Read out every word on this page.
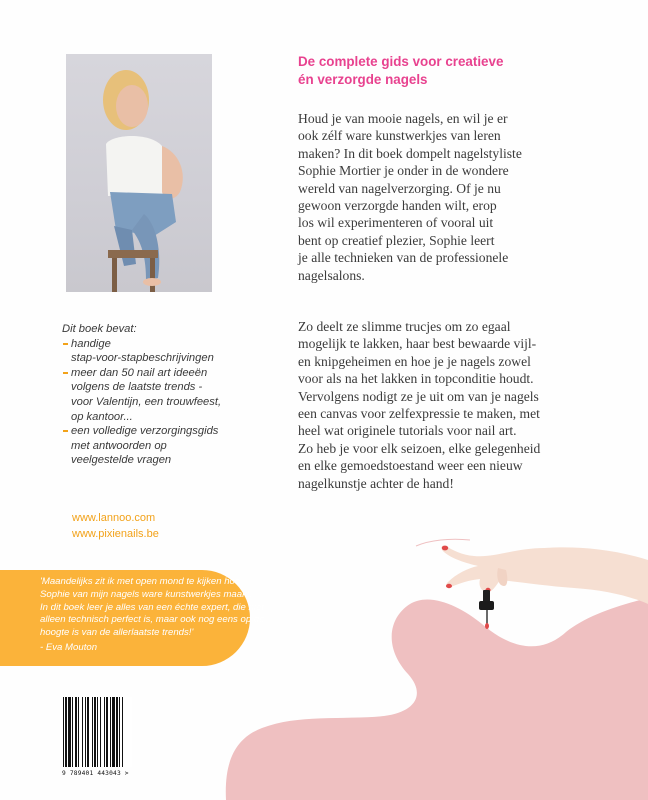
De complete gids voor creatieve
én verzorgde nagels

Houd je van mooie nagels, en wil je er
ook zélf ware kunstwerkjes van leren
maken? In dit boek dompelt nagelstyliste
Sophie Mortier je onder in de wondere
wereld van nagelverzorging. Of je nu
gewoon verzorgde handen wilt, erop
los wil experimenteren of vooral uit
bent op creatief plezier, Sophie leert
je alle technieken van de professionele
nagelsalons.

Zo deelt ze slimme trucjes om zo egaal
mogelijk te lakken, haar best bewaarde vijl-
en knipgeheimen en hoe je je nagels zowel
voor als na het lakken in topconditie houdt.
Vervolgens nodigt ze je uit om van je nagels
een canvas voor zelfexpressie te maken, met
heel wat originele tutorials voor nail art.
Zo heb je voor elk seizoen, elke gelegenheid
en elke gemoedstoestand weer een nieuw
nagelkunstje achter de hand!

Dit boek bevat:

handige
stap-voor-stapbeschrijvingen
meer dan 50 nail art ideeën
volgens de laatste trends -
voor Valentijn, een trouwfeest,
op kantoor...
een volledige verzorgingsgids
met antwoorden op
veelgestelde vragen
www.lannoo.com
www.pixienails.be

'Maandelijks zit ik met open mond te kijken hoe
Sophie van mijn nagels ware kunstwerkjes maakt.
In dit boek leer je alles van een échte expert, die niet
alleen technisch perfect is, maar ook nog eens op de
hoogte is van de allerlaatste trends!'

- Eva Mouton

9 789401 443043 >
